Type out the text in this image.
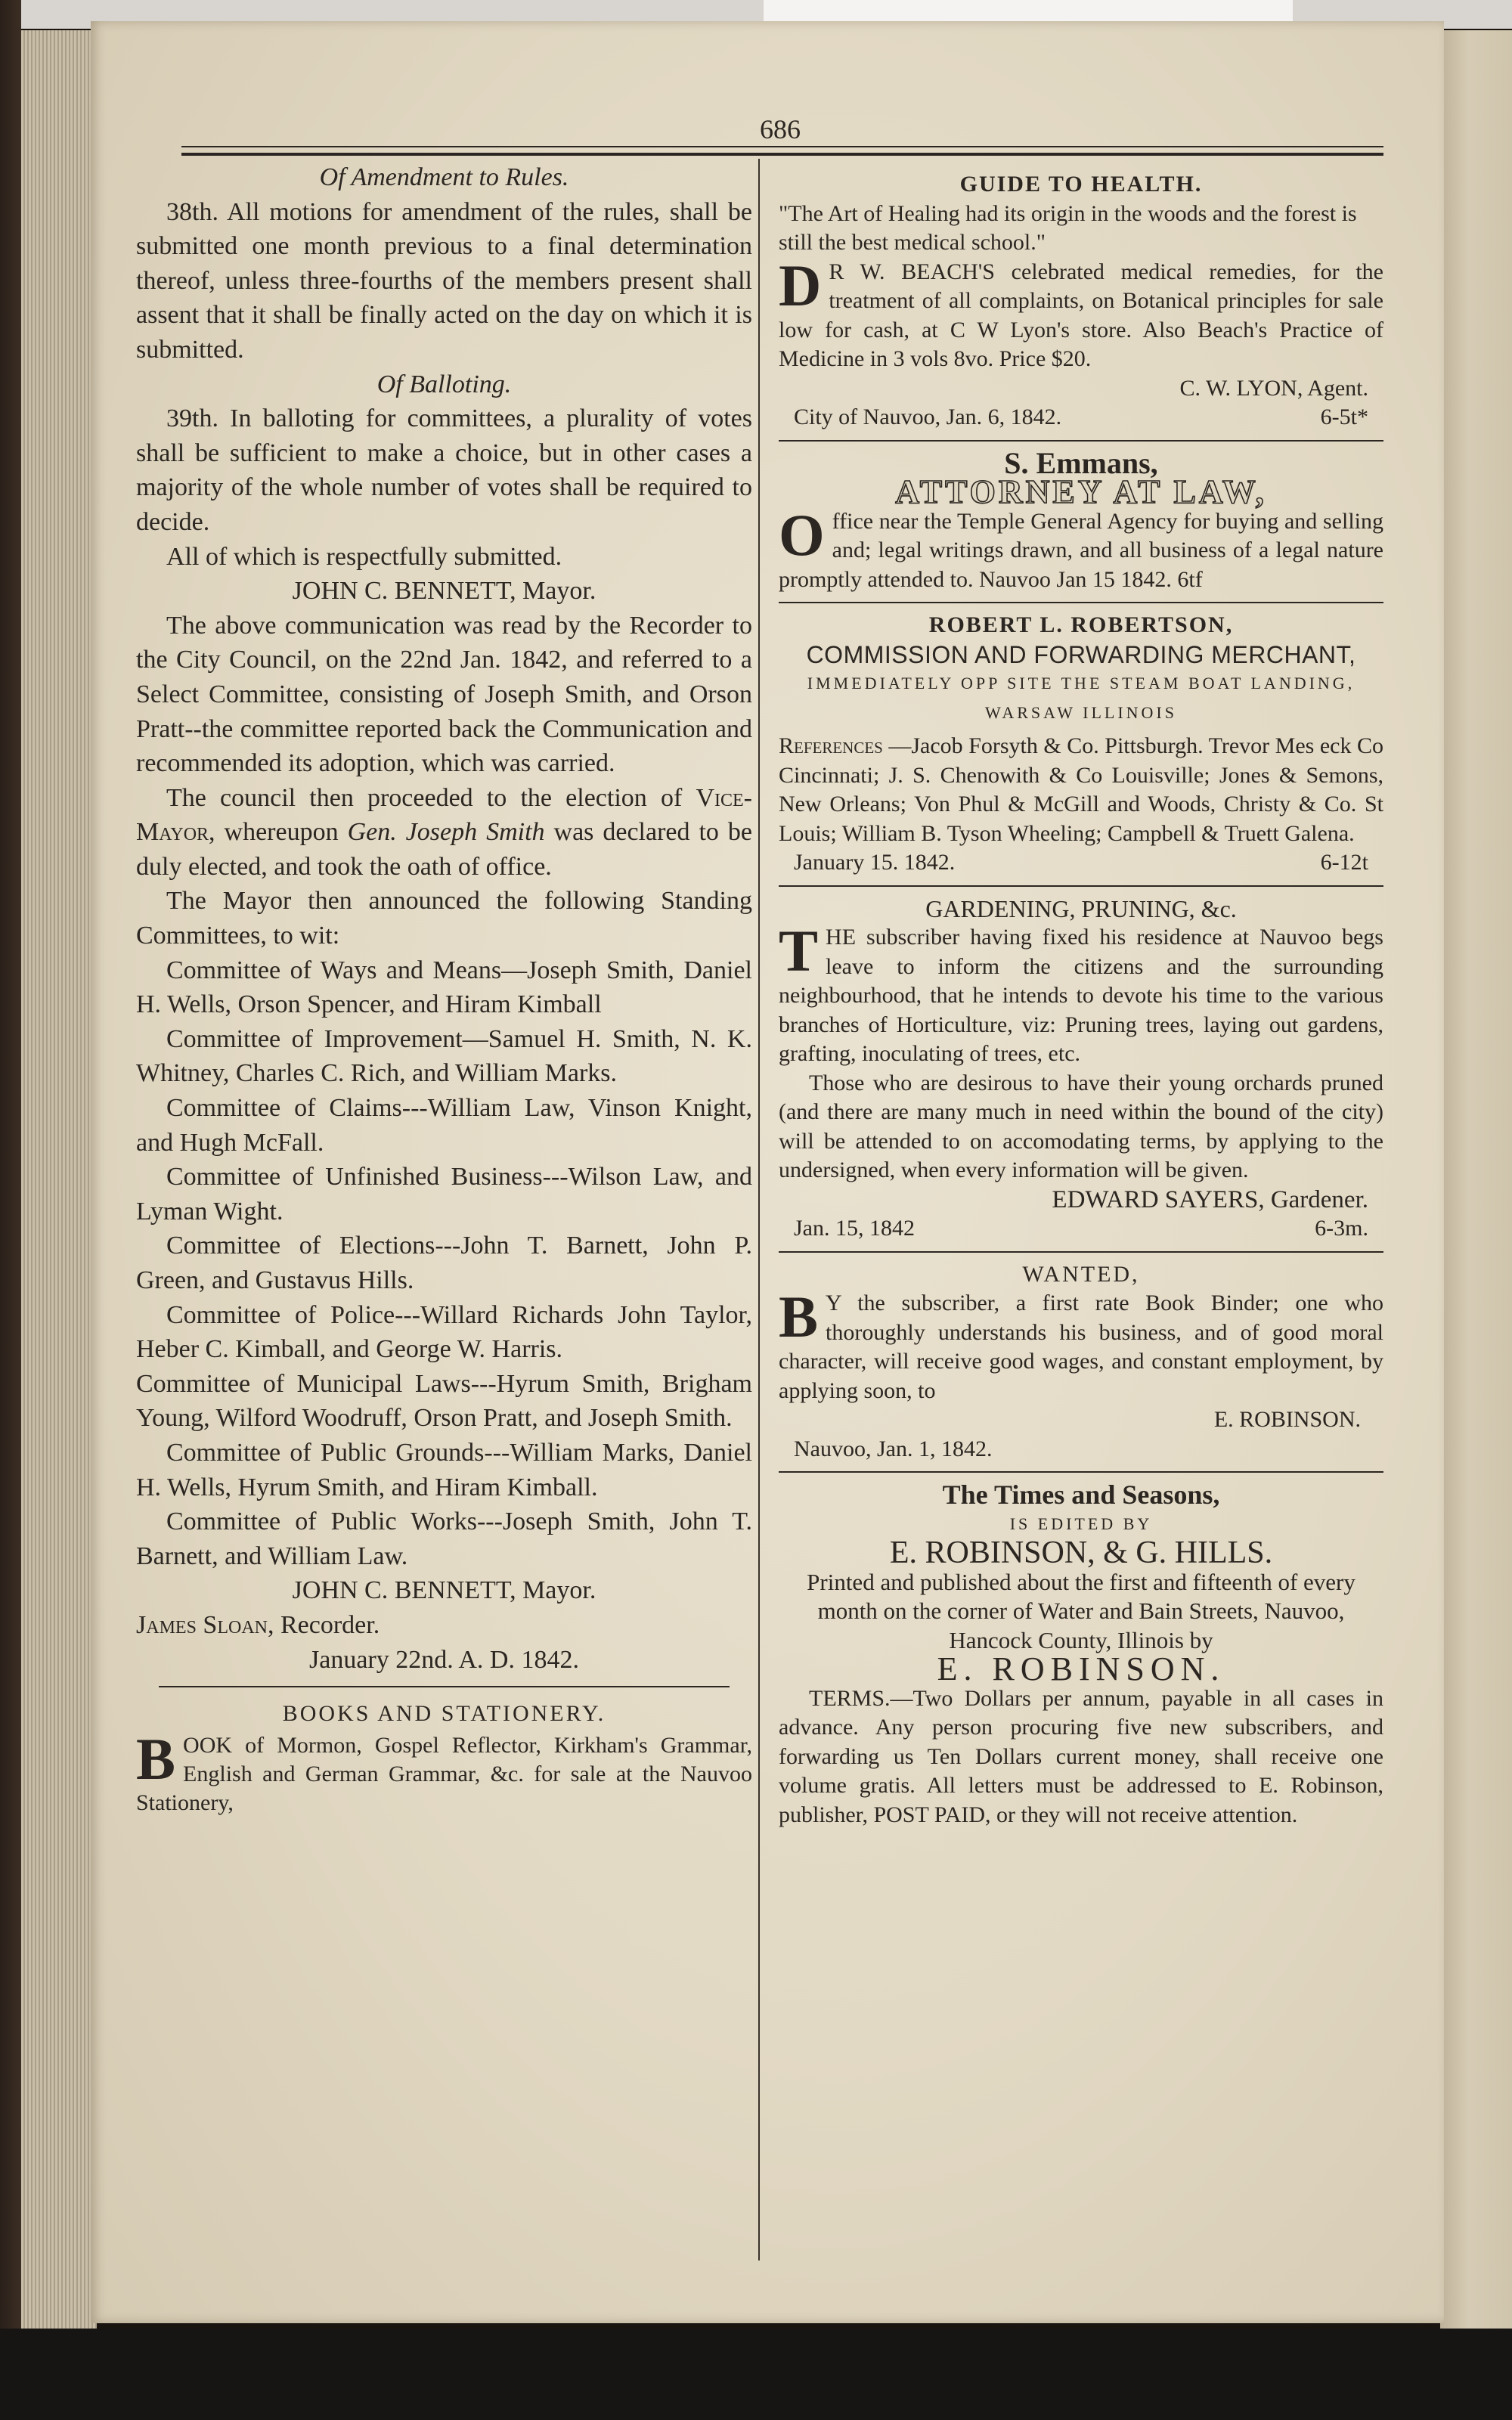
686

Of Amendment to Rules.

38th. All motions for amendment of the rules, shall be submitted one month previous to a final determination thereof, unless three-fourths of the members present shall assent that it shall be finally acted on the day on which it is submitted.

Of Balloting.

39th. In balloting for committees, a plurality of votes shall be sufficient to make a choice, but in other cases a majority of the whole number of votes shall be required to decide.

All of which is respectfully submitted.

JOHN C. BENNETT, Mayor.

The above communication was read by the Recorder to the City Council, on the 22nd Jan. 1842, and referred to a Select Committee, consisting of Joseph Smith, and Orson Pratt--the committee reported back the Communication and recommended its adoption, which was carried.

The council then proceeded to the election of Vice-Mayor, whereupon Gen. Joseph Smith was declared to be duly elected, and took the oath of office.

The Mayor then announced the following Standing Committees, to wit:

Committee of Ways and Means—Joseph Smith, Daniel H. Wells, Orson Spencer, and Hiram Kimball

Committee of Improvement—Samuel H. Smith, N. K. Whitney, Charles C. Rich, and William Marks.

Committee of Claims---William Law, Vinson Knight, and Hugh McFall.

Committee of Unfinished Business---Wilson Law, and Lyman Wight.

Committee of Elections---John T. Barnett, John P. Green, and Gustavus Hills.

Committee of Police---Willard Richards John Taylor, Heber C. Kimball, and George W. Harris.

Committee of Municipal Laws---Hyrum Smith, Brigham Young, Wilford Woodruff, Orson Pratt, and Joseph Smith.

Committee of Public Grounds---William Marks, Daniel H. Wells, Hyrum Smith, and Hiram Kimball.

Committee of Public Works---Joseph Smith, John T. Barnett, and William Law.

JOHN C. BENNETT, Mayor.

James Sloan, Recorder.

January 22nd. A. D. 1842.

BOOKS AND STATIONERY.

BOOK of Mormon, Gospel Reflector, Kirkham's Grammar, English and German Grammar, &c. for sale at the Nauvoo Stationery,

GUIDE TO HEALTH.

"The Art of Healing had its origin in the woods and the forest is still the best medical school."

D R W. BEACH'S celebrated medical remedies, for the treatment of all complaints, on Botanical principles for sale low for cash, at C W Lyon's store. Also Beach's Practice of Medicine in 3 vols 8vo. Price $20.

C. W. LYON, Agent.

City of Nauvoo, Jan. 6, 1842.	6-5t*

S. Emmans,

ATTORNEY AT LAW,

Office near the Temple General Agency for buying and selling and; legal writings drawn, and all business of a legal nature promptly attended to. Nauvoo Jan 15 1842. 6tf

ROBERT L. ROBERTSON,

COMMISSION AND FORWARDING MERCHANT,

IMMEDIATELY OPP SITE THE STEAM BOAT LANDING,

WARSAW ILLINOIS

References —Jacob Forsyth & Co. Pittsburgh. Trevor Mes eck Co Cincinnati; J. S. Chenowith & Co Louisville; Jones & Semons, New Orleans; Von Phul & McGill and Woods, Christy & Co. St Louis; William B. Tyson Wheeling; Campbell & Truett Galena.

January 15. 1842.	6-12t

GARDENING, PRUNING, &c.

THE subscriber having fixed his residence at Nauvoo begs leave to inform the citizens and the surrounding neighbourhood, that he intends to devote his time to the various branches of Horticulture, viz: Pruning trees, laying out gardens, grafting, inoculating of trees, etc.

Those who are desirous to have their young orchards pruned (and there are many much in need within the bound of the city) will be attended to on accomodating terms, by applying to the undersigned, when every information will be given.

EDWARD SAYERS, Gardener.

Jan. 15, 1842	6-3m.

WANTED,

B Y the subscriber, a first rate Book Binder; one who thoroughly understands his business, and of good moral character, will receive good wages, and constant employment, by applying soon, to

E. ROBINSON.

Nauvoo, Jan. 1, 1842.

The Times and Seasons,

IS EDITED BY

E. ROBINSON, & G. HILLS.

Printed and published about the first and fifteenth of every month on the corner of Water and Bain Streets, Nauvoo, Hancock County, Illinois by

E. ROBINSON.

TERMS.—Two Dollars per annum, payable in all cases in advance. Any person procuring five new subscribers, and forwarding us Ten Dollars current money, shall receive one volume gratis. All letters must be addressed to E. Robinson, publisher, POST PAID, or they will not receive attention.
